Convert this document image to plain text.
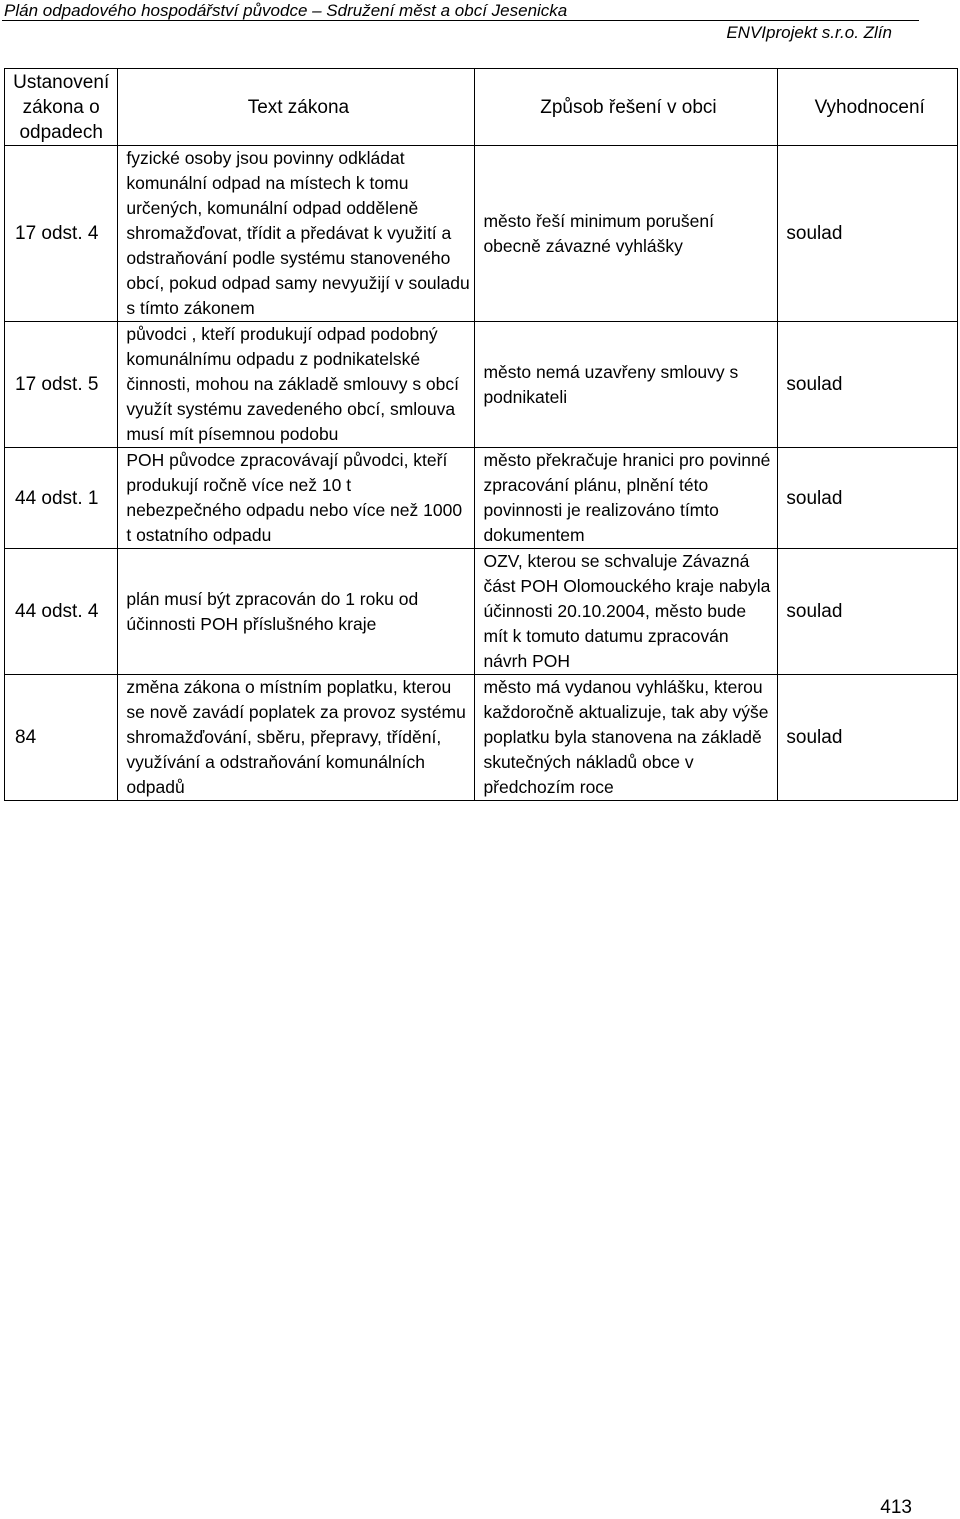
Plán odpadového hospodářství původce – Sdružení měst a obcí Jesenicka
ENVIprojekt s.r.o. Zlín
Ustanovení zákona o odpadech	Text zákona	Způsob řešení v obci	Vyhodnocení
17 odst. 4	fyzické osoby jsou povinny odkládat komunální odpad na místech k tomu určených, komunální odpad odděleně shromažďovat, třídit a předávat k využití a odstraňování podle systému stanoveného obcí, pokud odpad samy nevyužijí v souladu s tímto zákonem	město řeší minimum porušení obecně závazné vyhlášky	soulad
17 odst. 5	původci , kteří produkují odpad podobný komunálnímu odpadu z podnikatelské činnosti, mohou na základě smlouvy s obcí využít systému zavedeného obcí, smlouva musí mít písemnou podobu	město nemá uzavřeny smlouvy s podnikateli	soulad
44 odst. 1	POH původce zpracovávají původci, kteří produkují ročně více než 10 t nebezpečného odpadu nebo více než 1000 t ostatního odpadu	město překračuje hranici pro povinné zpracování plánu, plnění této povinnosti je realizováno tímto dokumentem	soulad
44 odst. 4	plán musí být zpracován do 1 roku od účinnosti POH příslušného kraje	OZV, kterou se schvaluje Závazná část POH Olomouckého kraje nabyla účinnosti 20.10.2004, město bude mít k tomuto datumu zpracován návrh POH	soulad
84	změna zákona o místním poplatku, kterou se nově zavádí poplatek za provoz systému shromažďování, sběru, přepravy, třídění, využívání a odstraňování komunálních odpadů	město má vydanou vyhlášku, kterou každoročně aktualizuje, tak aby výše poplatku byla stanovena na základě skutečných nákladů obce v předchozím roce	soulad
413
